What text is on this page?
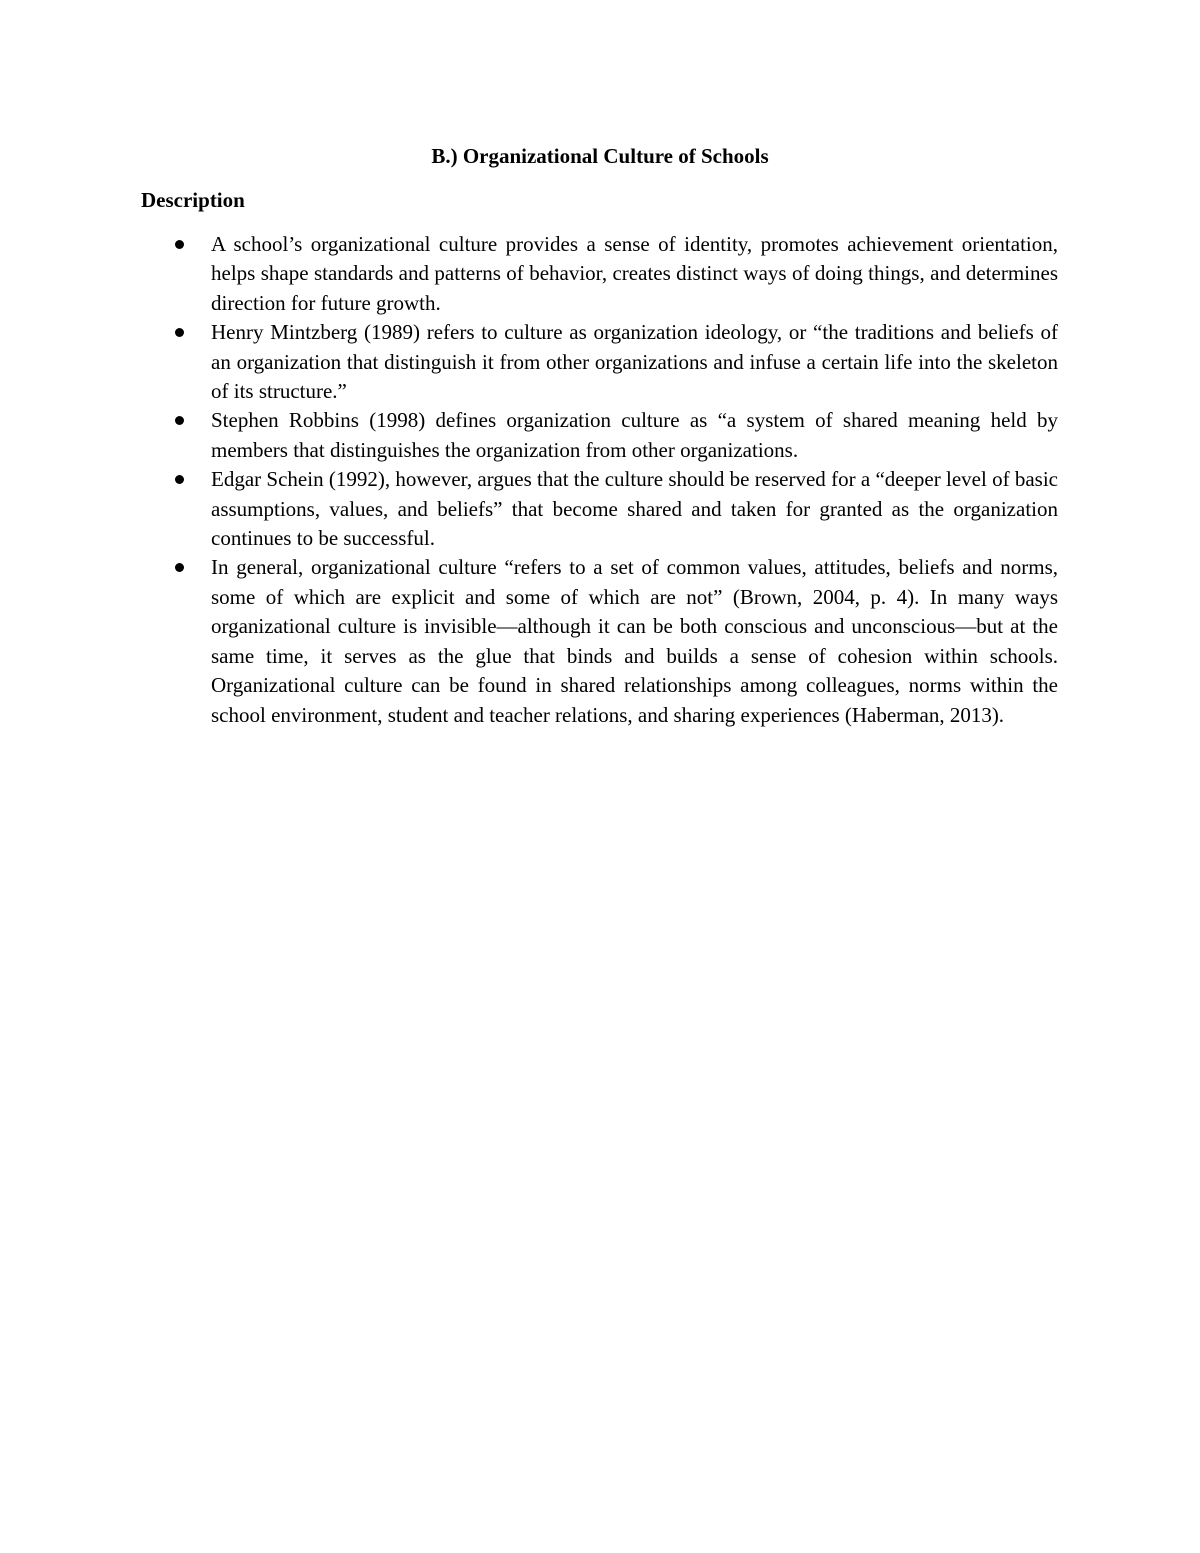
B.) Organizational Culture of Schools
Description
A school’s organizational culture provides a sense of identity, promotes achievement orientation, helps shape standards and patterns of behavior, creates distinct ways of doing things, and determines direction for future growth.
Henry Mintzberg (1989) refers to culture as organization ideology, or “the traditions and beliefs of an organization that distinguish it from other organizations and infuse a certain life into the skeleton of its structure.”
Stephen Robbins (1998) defines organization culture as “a system of shared meaning held by members that distinguishes the organization from other organizations.
Edgar Schein (1992), however, argues that the culture should be reserved for a “deeper level of basic assumptions, values, and beliefs” that become shared and taken for granted as the organization continues to be successful.
In general, organizational culture “refers to a set of common values, attitudes, beliefs and norms, some of which are explicit and some of which are not” (Brown, 2004, p. 4). In many ways organizational culture is invisible—although it can be both conscious and unconscious—but at the same time, it serves as the glue that binds and builds a sense of cohesion within schools. Organizational culture can be found in shared relationships among colleagues, norms within the school environment, student and teacher relations, and sharing experiences (Haberman, 2013).
